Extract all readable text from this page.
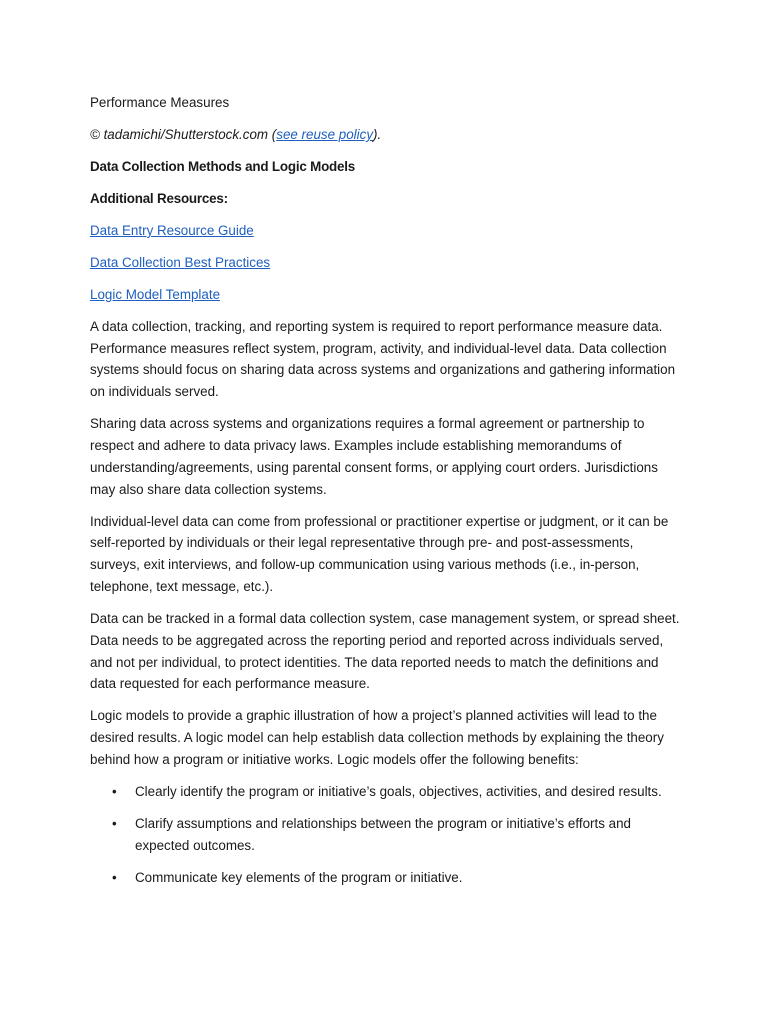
Performance Measures

© tadamichi/Shutterstock.com (see reuse policy).

Data Collection Methods and Logic Models

Additional Resources:

Data Entry Resource Guide

Data Collection Best Practices

Logic Model Template

A data collection, tracking, and reporting system is required to report performance measure data. Performance measures reflect system, program, activity, and individual-level data. Data collection systems should focus on sharing data across systems and organizations and gathering information on individuals served.

Sharing data across systems and organizations requires a formal agreement or partnership to respect and adhere to data privacy laws. Examples include establishing memorandums of understanding/agreements, using parental consent forms, or applying court orders. Jurisdictions may also share data collection systems.

Individual-level data can come from professional or practitioner expertise or judgment, or it can be self-reported by individuals or their legal representative through pre- and post-assessments, surveys, exit interviews, and follow-up communication using various methods (i.e., in-person, telephone, text message, etc.).

Data can be tracked in a formal data collection system, case management system, or spread sheet. Data needs to be aggregated across the reporting period and reported across individuals served, and not per individual, to protect identities. The data reported needs to match the definitions and data requested for each performance measure.

Logic models to provide a graphic illustration of how a project’s planned activities will lead to the desired results. A logic model can help establish data collection methods by explaining the theory behind how a program or initiative works. Logic models offer the following benefits:

• Clearly identify the program or initiative’s goals, objectives, activities, and desired results.
• Clarify assumptions and relationships between the program or initiative’s efforts and expected outcomes.
• Communicate key elements of the program or initiative.
